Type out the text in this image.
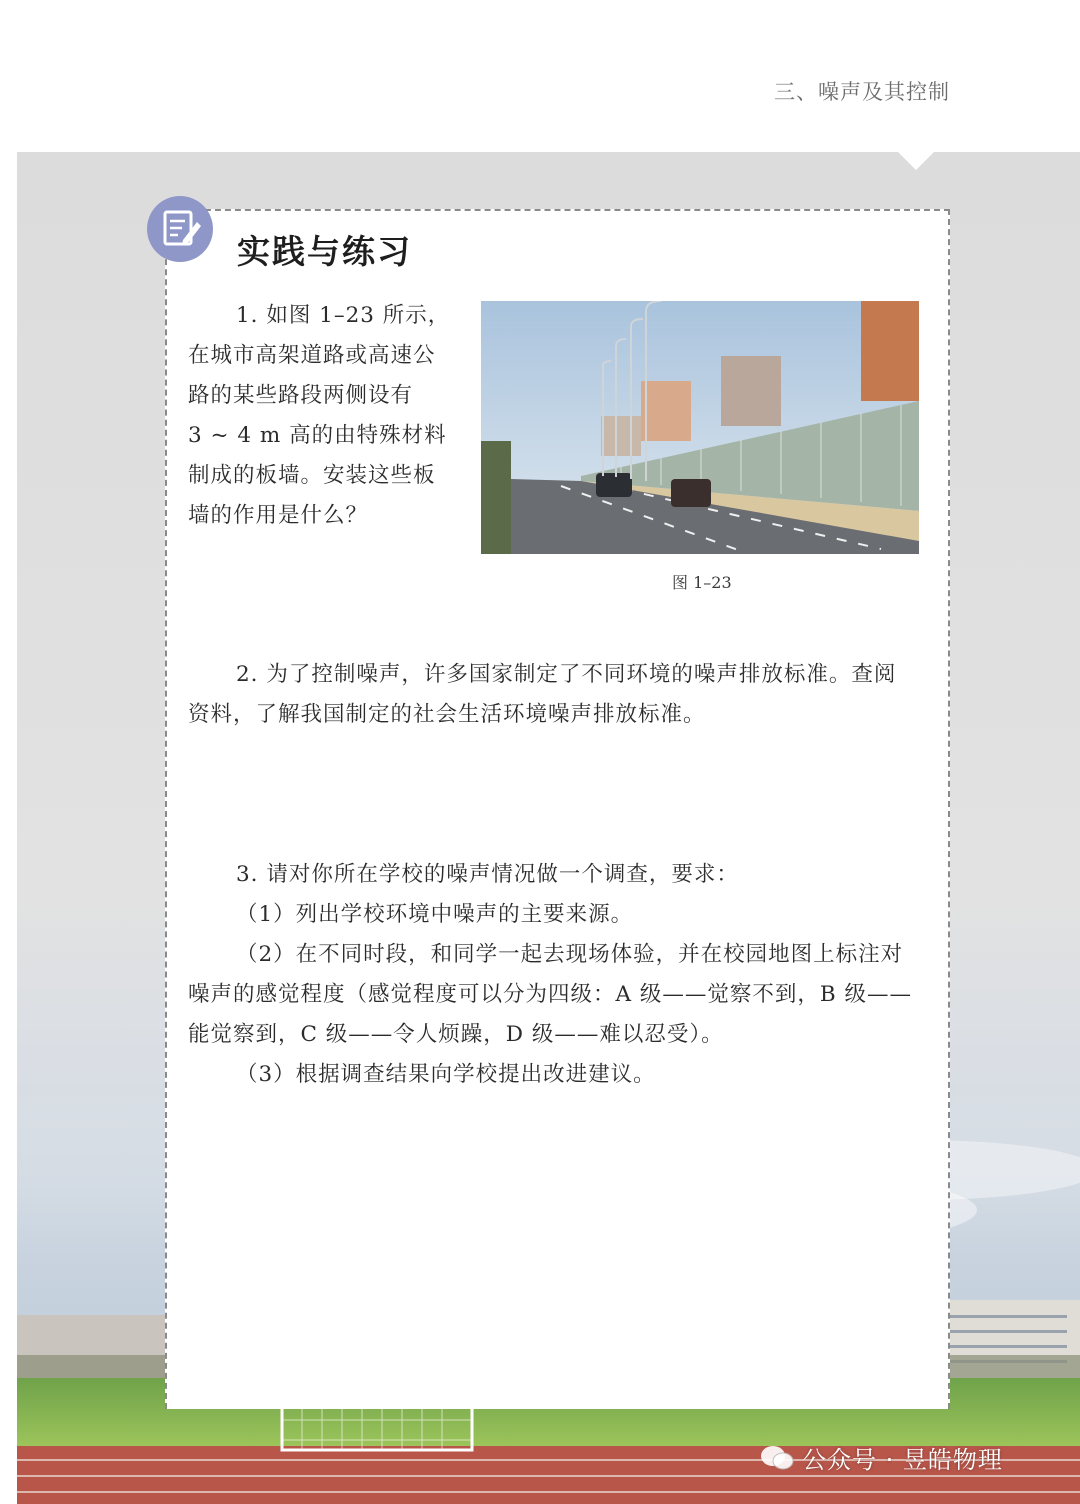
三、噪声及其控制
实践与练习
1. 如图 1–23 所示，
在城市高架道路或高速公
路的某些路段两侧设有
3 ~ 4 m 高的由特殊材料
制成的板墙。安装这些板
墙的作用是什么？
图 1–23
2. 为了控制噪声，许多国家制定了不同环境的噪声排放标准。查阅
资料，了解我国制定的社会生活环境噪声排放标准。
3. 请对你所在学校的噪声情况做一个调查，要求：
（1）列出学校环境中噪声的主要来源。
（2）在不同时段，和同学一起去现场体验，并在校园地图上标注对
噪声的感觉程度（感觉程度可以分为四级：A 级——觉察不到，B 级——
能觉察到，C 级——令人烦躁，D 级——难以忍受）。
（3）根据调查结果向学校提出改进建议。
公众号 · 昱皓物理
